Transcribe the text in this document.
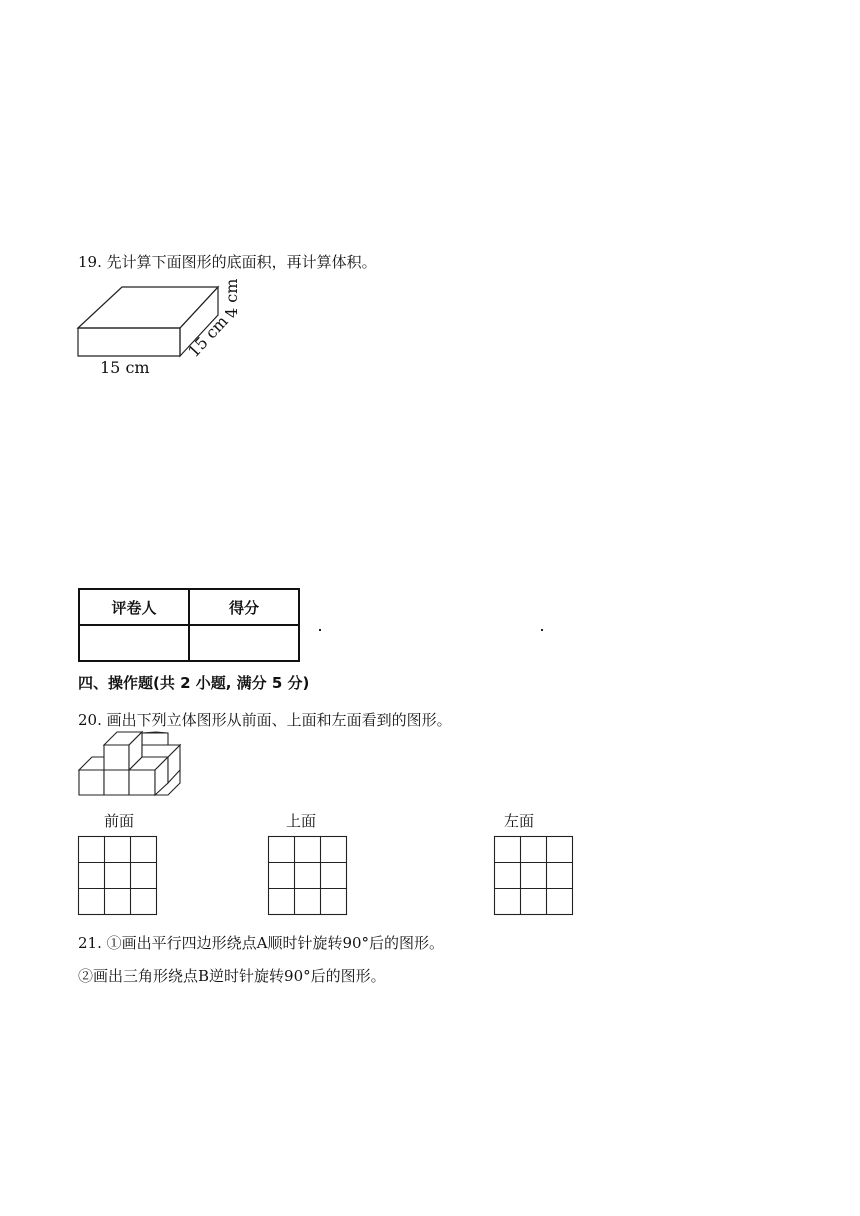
19. 先计算下面图形的底面积，再计算体积。
15 cm
15 cm
4 cm
评卷人	得分

四、操作题(共 2 小题, 满分 5 分)
20. 画出下列立体图形从前面、上面和左面看到的图形。
前面	上面	左面
21. ①画出平行四边形绕点A顺时针旋转90°后的图形。
②画出三角形绕点B逆时针旋转90°后的图形。
